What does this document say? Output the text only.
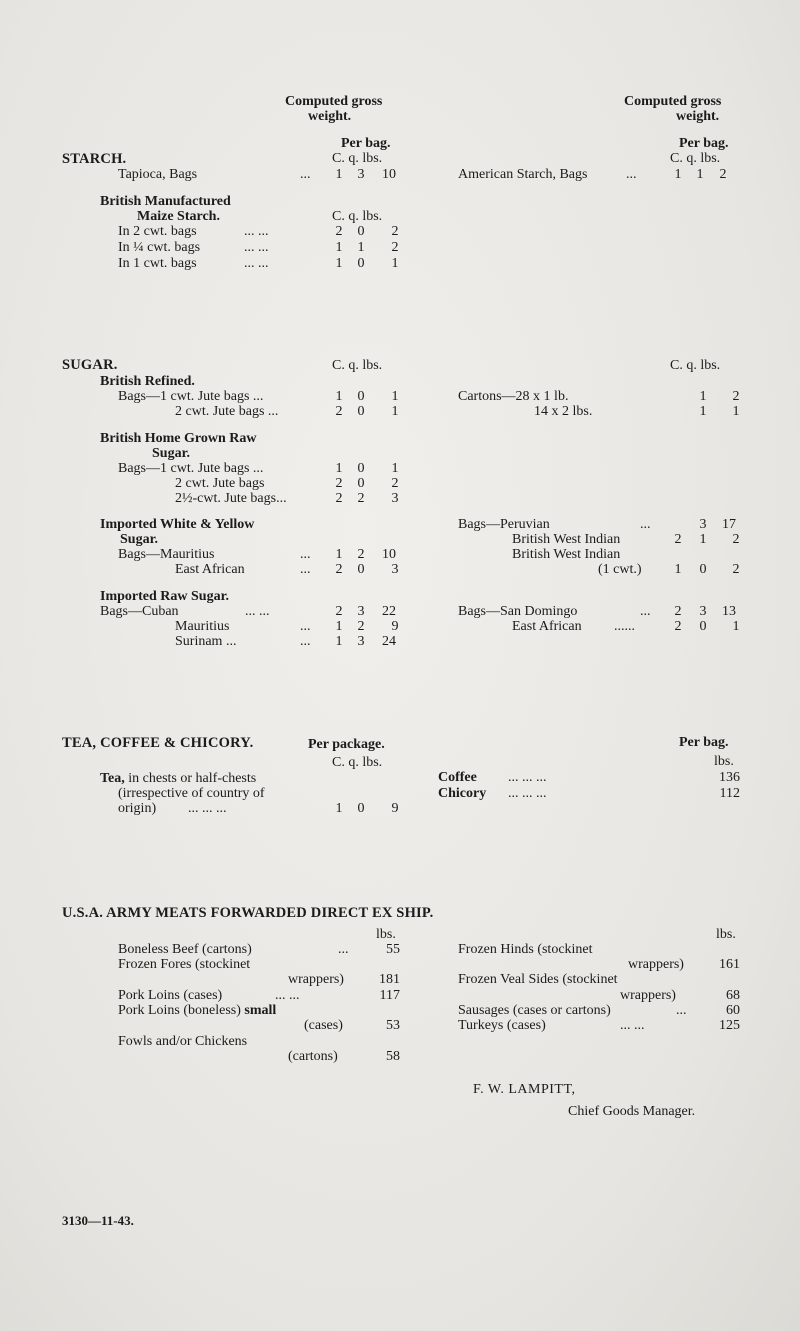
Computed gross
weight.
Computed gross
weight.
Per bag.
C. q. lbs.
Per bag.
C. q. lbs.
STARCH.
Tapioca, Bags	...	1	3	10	American Starch, Bags	...	1	1	2
British Manufactured
Maize Starch.	C. q. lbs.
In 2 cwt. bags	... ...	2	0	2
In ¼ cwt. bags	... ...	1	1	2
In 1 cwt. bags	... ...	1	0	1
SUGAR.	C. q. lbs.	C. q. lbs.
British Refined.
Bags—1 cwt. Jute bags ...	1	0	1
2 cwt. Jute bags ...	2	0	1
Cartons—28 x 1 lb.	1	2
14 x 2 lbs.	1	1
British Home Grown Raw
Sugar.
Bags—1 cwt. Jute bags ...	1	0	1
2 cwt. Jute bags	2	0	2
2½-cwt. Jute bags...	2	2	3
Imported White & Yellow
Sugar.
Bags—Mauritius	...	1	2	10
East African	...	2	0	3
Bags—Peruvian	...	3	17
British West Indian	2	1	2
British West Indian
(1 cwt.)	1	0	2
Imported Raw Sugar.
Bags—Cuban	... ...	2	3	22
Mauritius	...	1	2	9
Surinam ...	...	1	3	24
Bags—San Domingo	...	2	3	13
East African ......	2	0	1
TEA, COFFEE & CHICORY.	Per package.
C. q. lbs.
Per bag.
lbs.
Tea, in chests or half-chests
(irrespective of country of
origin) ... ... ...	1	0	9
Coffee ... ... ...	136
Chicory ... ... ...	112
U.S.A. ARMY MEATS FORWARDED DIRECT EX SHIP.
lbs.	lbs.
Boneless Beef (cartons)	...	55
Frozen Fores (stockinet
wrappers)	181
Pork Loins (cases)	... ...	117
Pork Loins (boneless) small
(cases)	53
Fowls and/or Chickens
(cartons)	58
Frozen Hinds (stockinet
wrappers)	161
Frozen Veal Sides (stockinet
wrappers)	68
Sausages (cases or cartons)	...	60
Turkeys (cases)	... ...	125
F. W. LAMPITT,
Chief Goods Manager.
3130—11-43.
